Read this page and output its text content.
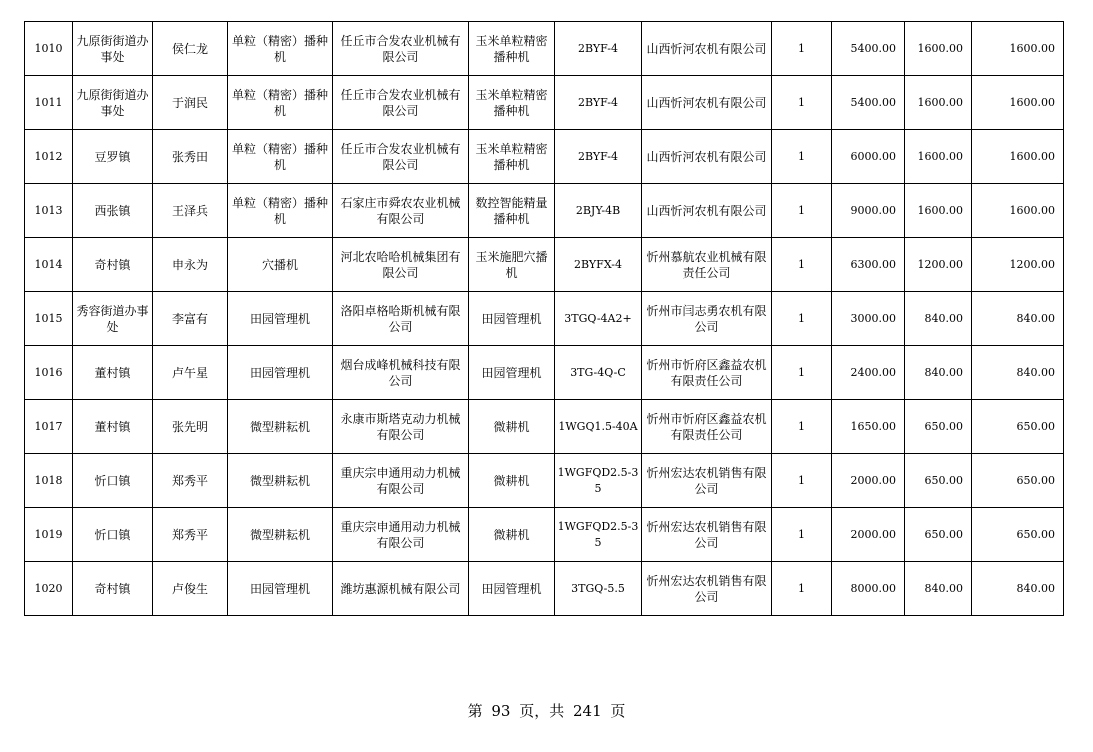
1010	九原街街道办事处	侯仁龙	单粒（精密）播种机	任丘市合发农业机械有限公司	玉米单粒精密播种机	2BYF-4	山西忻河农机有限公司	1	5400.00	1600.00	1600.00
1011	九原街街道办事处	于润民	单粒（精密）播种机	任丘市合发农业机械有限公司	玉米单粒精密播种机	2BYF-4	山西忻河农机有限公司	1	5400.00	1600.00	1600.00
1012	豆罗镇	张秀田	单粒（精密）播种机	任丘市合发农业机械有限公司	玉米单粒精密播种机	2BYF-4	山西忻河农机有限公司	1	6000.00	1600.00	1600.00
1013	西张镇	王泽兵	单粒（精密）播种机	石家庄市舜农农业机械有限公司	数控智能精量播种机	2BJY-4B	山西忻河农机有限公司	1	9000.00	1600.00	1600.00
1014	奇村镇	申永为	穴播机	河北农哈哈机械集团有限公司	玉米施肥穴播机	2BYFX-4	忻州慕航农业机械有限责任公司	1	6300.00	1200.00	1200.00
1015	秀容街道办事处	李富有	田园管理机	洛阳卓格哈斯机械有限公司	田园管理机	3TGQ-4A2+	忻州市闫志勇农机有限公司	1	3000.00	840.00	840.00
1016	董村镇	卢午星	田园管理机	烟台成峰机械科技有限公司	田园管理机	3TG-4Q-C	忻州市忻府区鑫益农机有限责任公司	1	2400.00	840.00	840.00
1017	董村镇	张先明	微型耕耘机	永康市斯塔克动力机械有限公司	微耕机	1WGQ1.5-40A	忻州市忻府区鑫益农机有限责任公司	1	1650.00	650.00	650.00
1018	忻口镇	郑秀平	微型耕耘机	重庆宗申通用动力机械有限公司	微耕机	1WGFQD2.5-35	忻州宏达农机销售有限公司	1	2000.00	650.00	650.00
1019	忻口镇	郑秀平	微型耕耘机	重庆宗申通用动力机械有限公司	微耕机	1WGFQD2.5-35	忻州宏达农机销售有限公司	1	2000.00	650.00	650.00
1020	奇村镇	卢俊生	田园管理机	潍坊惠源机械有限公司	田园管理机	3TGQ-5.5	忻州宏达农机销售有限公司	1	8000.00	840.00	840.00
第 93 页，共 241 页
